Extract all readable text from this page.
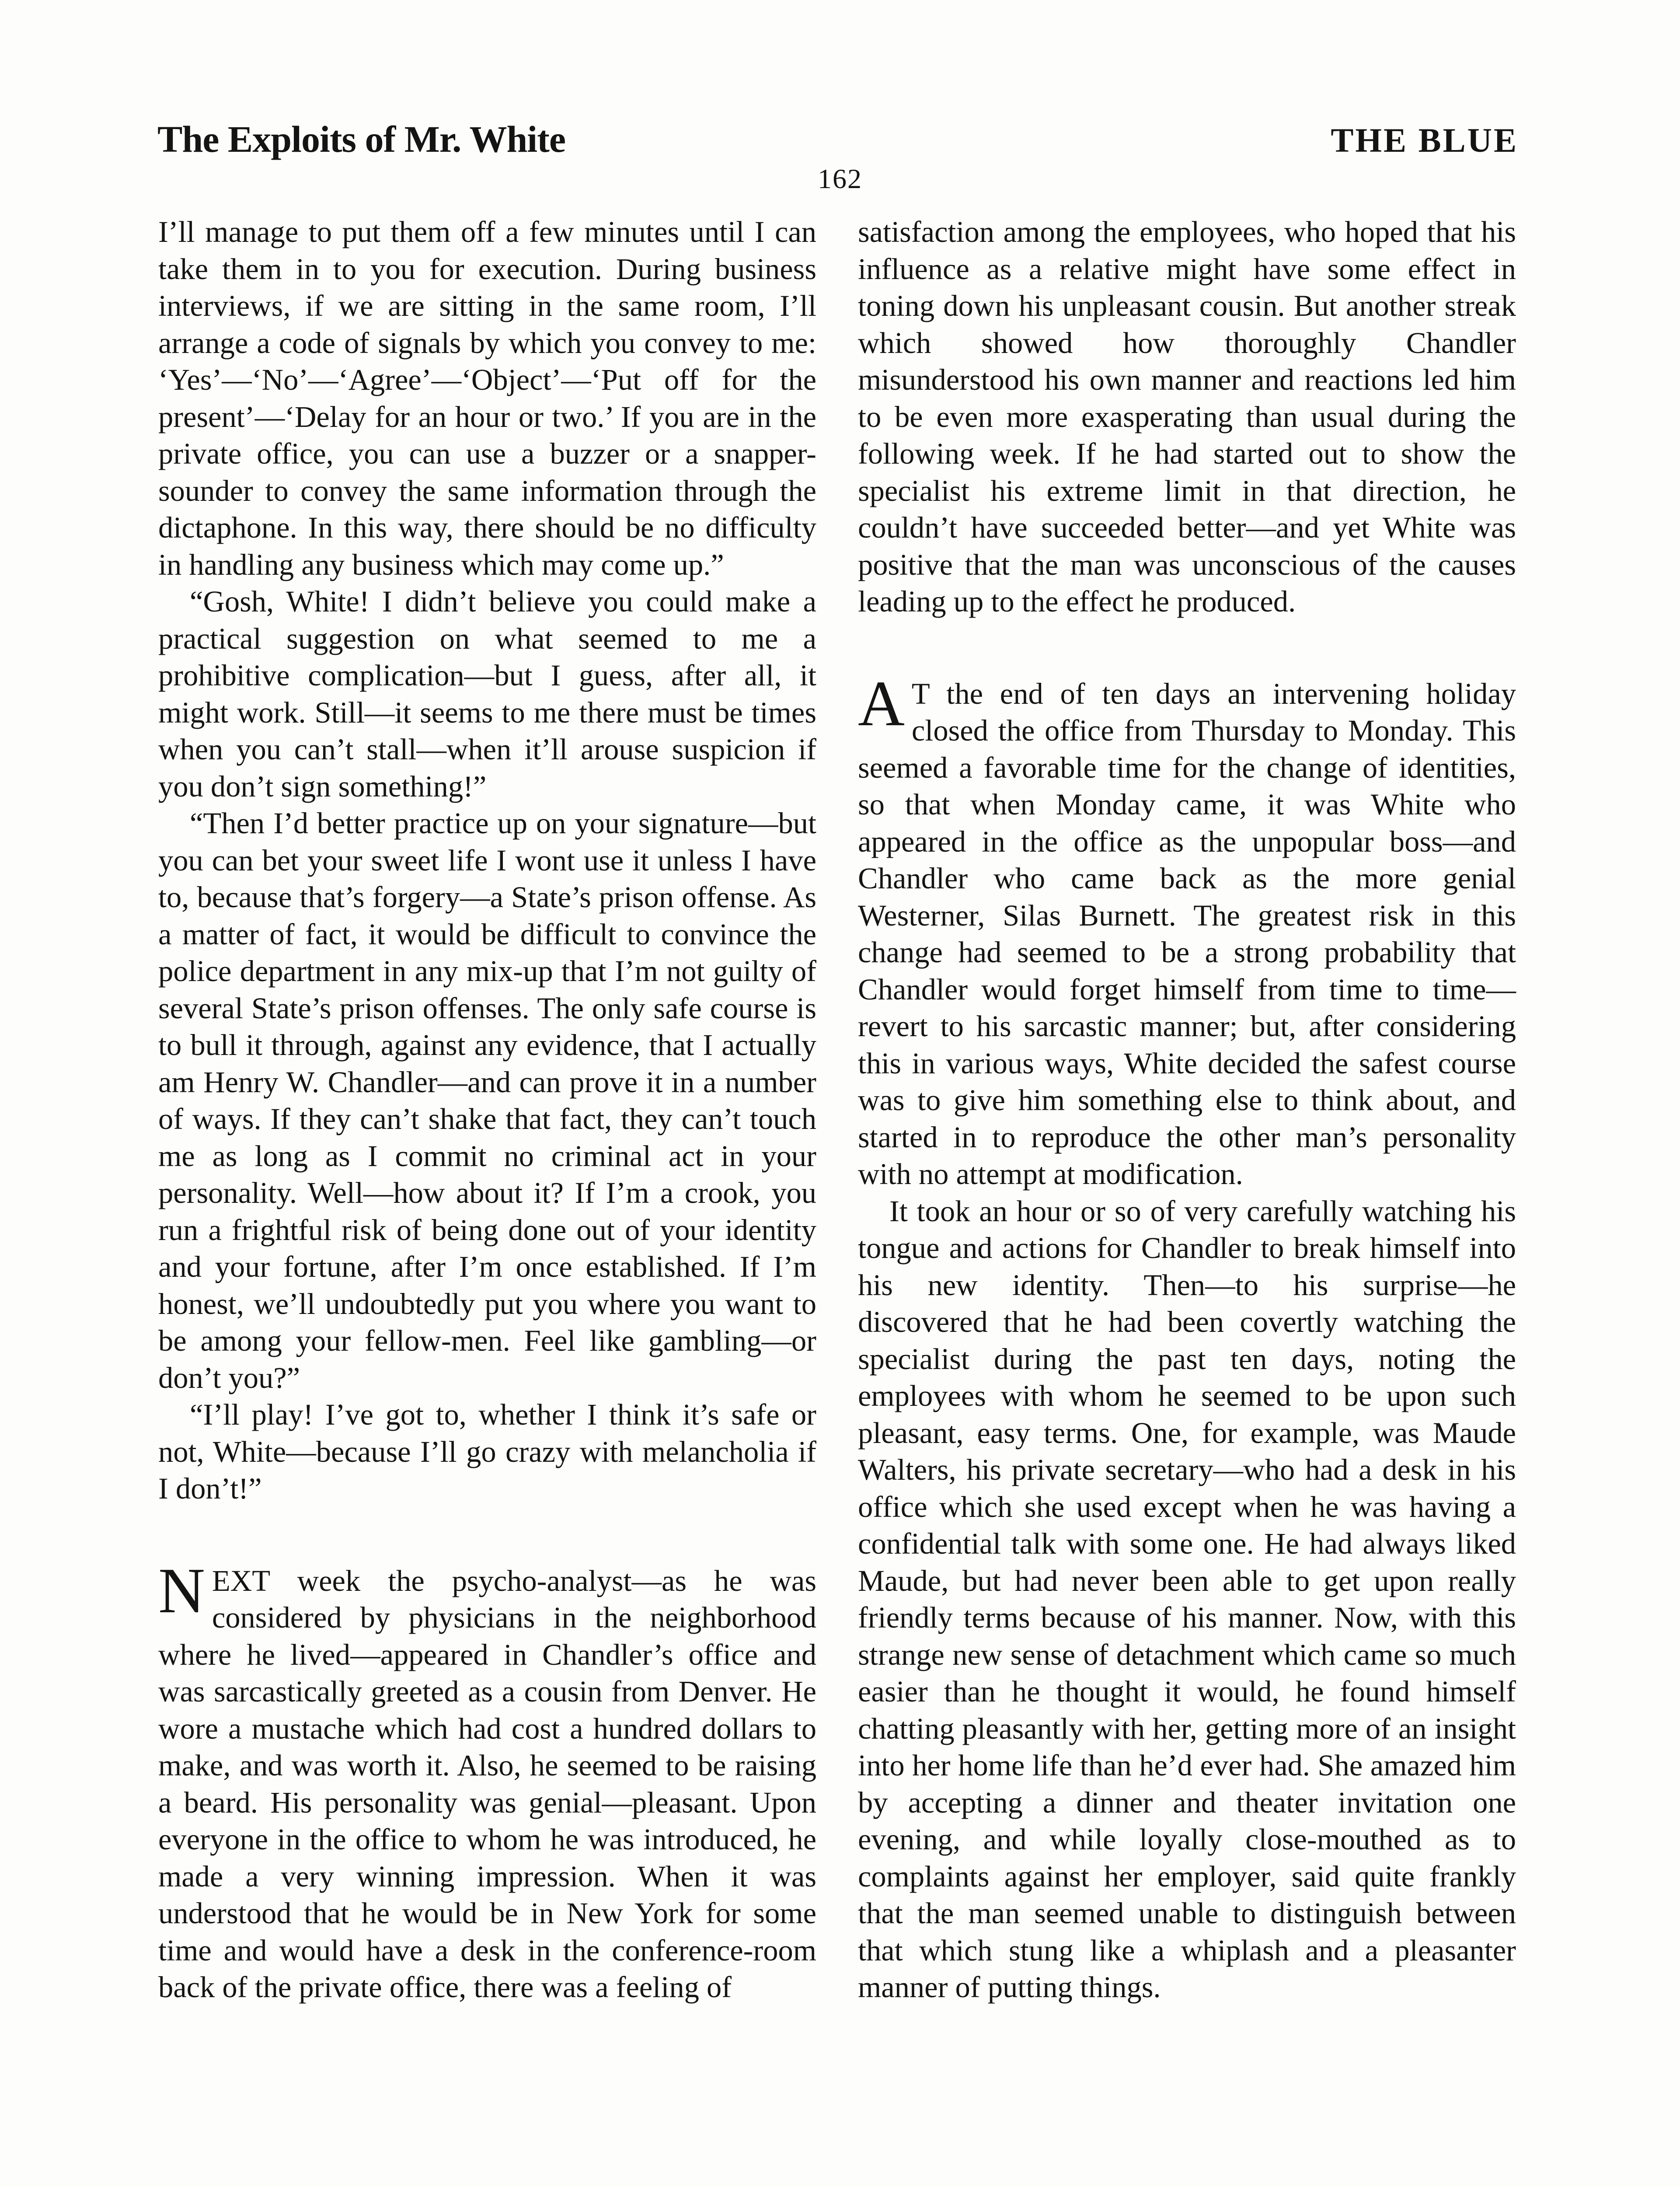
The Exploits of Mr. White	THE BLUE
162

I’ll manage to put them off a few minutes until I can take them in to you for execution. During business interviews, if we are sitting in the same room, I’ll arrange a code of signals by which you convey to me: ‘Yes’—‘No’—‘Agree’—‘Object’—‘Put off for the present’—‘Delay for an hour or two.’ If you are in the private office, you can use a buzzer or a snapper-sounder to convey the same information through the dictaphone. In this way, there should be no difficulty in handling any business which may come up.”

“Gosh, White! I didn’t believe you could make a practical suggestion on what seemed to me a prohibitive complication—but I guess, after all, it might work. Still—it seems to me there must be times when you can’t stall—when it’ll arouse suspicion if you don’t sign something!”

“Then I’d better practice up on your signature—but you can bet your sweet life I wont use it unless I have to, because that’s forgery—a State’s prison offense. As a matter of fact, it would be difficult to convince the police department in any mix-up that I’m not guilty of several State’s prison offenses. The only safe course is to bull it through, against any evidence, that I actually am Henry W. Chandler—and can prove it in a number of ways. If they can’t shake that fact, they can’t touch me as long as I commit no criminal act in your personality. Well—how about it? If I’m a crook, you run a frightful risk of being done out of your identity and your fortune, after I’m once established. If I’m honest, we’ll undoubtedly put you where you want to be among your fellow-men. Feel like gambling—or don’t you?”

“I’ll play! I’ve got to, whether I think it’s safe or not, White—because I’ll go crazy with melancholia if I don’t!”

NEXT week the psycho-analyst—as he was considered by physicians in the neighborhood where he lived—appeared in Chandler’s office and was sarcastically greeted as a cousin from Denver. He wore a mustache which had cost a hundred dollars to make, and was worth it. Also, he seemed to be raising a beard. His personality was genial—pleasant. Upon everyone in the office to whom he was introduced, he made a very winning impression. When it was understood that he would be in New York for some time and would have a desk in the conference-room back of the private office, there was a feeling of

satisfaction among the employees, who hoped that his influence as a relative might have some effect in toning down his unpleasant cousin. But another streak which showed how thoroughly Chandler misunderstood his own manner and reactions led him to be even more exasperating than usual during the following week. If he had started out to show the specialist his extreme limit in that direction, he couldn’t have succeeded better—and yet White was positive that the man was unconscious of the causes leading up to the effect he produced.

A T the end of ten days an intervening holiday closed the office from Thursday to Monday. This seemed a favorable time for the change of identities, so that when Monday came, it was White who appeared in the office as the unpopular boss—and Chandler who came back as the more genial Westerner, Silas Burnett. The greatest risk in this change had seemed to be a strong probability that Chandler would forget himself from time to time—revert to his sarcastic manner; but, after considering this in various ways, White decided the safest course was to give him something else to think about, and started in to reproduce the other man’s personality with no attempt at modification.

It took an hour or so of very carefully watching his tongue and actions for Chandler to break himself into his new identity. Then—to his surprise—he discovered that he had been covertly watching the specialist during the past ten days, noting the employees with whom he seemed to be upon such pleasant, easy terms. One, for example, was Maude Walters, his private secretary—who had a desk in his office which she used except when he was having a confidential talk with some one. He had always liked Maude, but had never been able to get upon really friendly terms because of his manner. Now, with this strange new sense of detachment which came so much easier than he thought it would, he found himself chatting pleasantly with her, getting more of an insight into her home life than he’d ever had. She amazed him by accepting a dinner and theater invitation one evening, and while loyally close-mouthed as to complaints against her employer, said quite frankly that the man seemed unable to distinguish between that which stung like a whiplash and a pleasanter manner of putting things.
